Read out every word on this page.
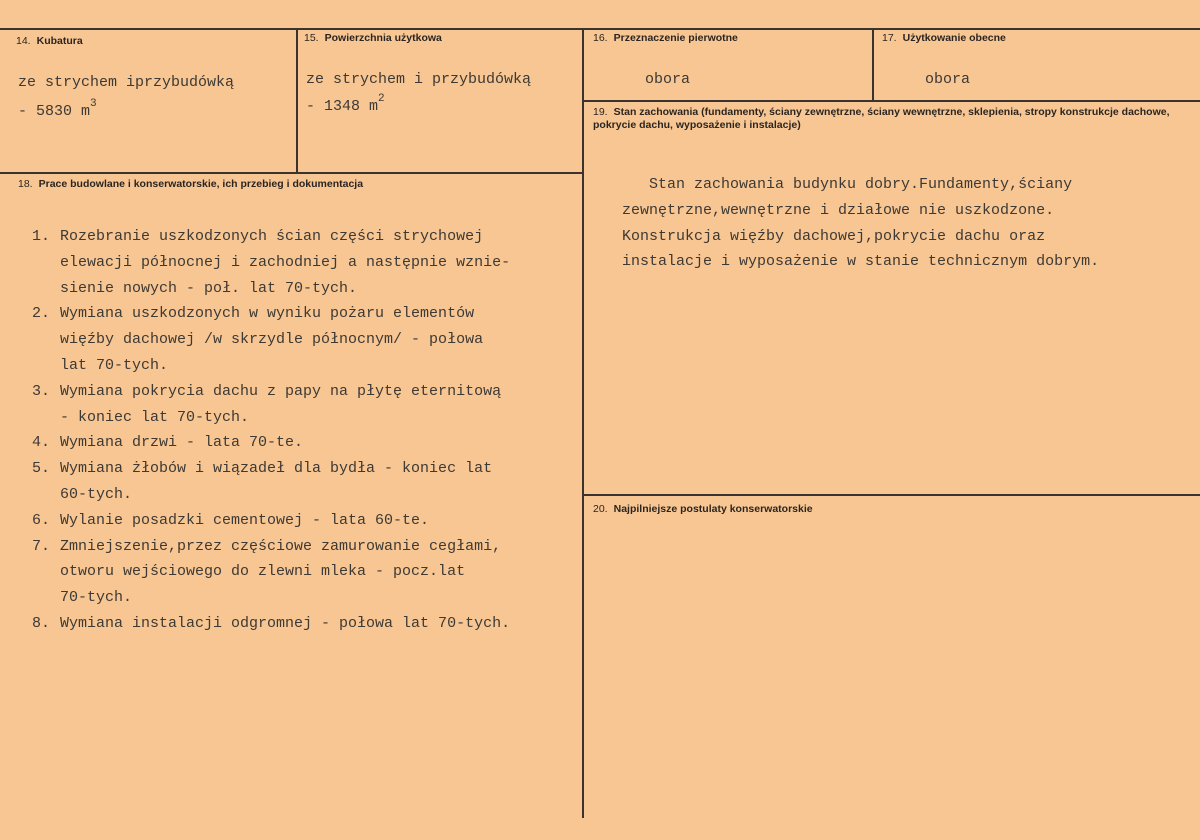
14. Kubatura
ze strychem iprzybudówką
- 5830 $m^3$
15. Powierzchnia użytkowa
ze strychem i przybudówką
- 1348 $m^2$
16. Przeznaczenie pierwotne
obora
17. Użytkowanie obecne
obora
18. Prace budowlane i konserwatorskie, ich przebieg i dokumentacja
1. Rozebranie uszkodzonych ścian części strychowej
elewacji północnej i zachodniej a następnie wznie-
sienie nowych - poł. lat 70-tych.
2. Wymiana uszkodzonych w wyniku pożaru elementów
więźby dachowej /w skrzydle północnym/ - połowa
lat 70-tych.
3. Wymiana pokrycia dachu z papy na płytę eternitową
- koniec lat 70-tych.
4. Wymiana drzwi - lata 70-te.
5. Wymiana żłobów i wiązadeł dla bydła - koniec lat
60-tych.
6. Wylanie posadzki cementowej - lata 60-te.
7. Zmniejszenie,przez częściowe zamurowanie cegłami,
otworu wejściowego do zlewni mleka - pocz.lat
70-tych.
8. Wymiana instalacji odgromnej - połowa lat 70-tych.
19. Stan zachowania (fundamenty, ściany zewnętrzne, ściany wewnętrzne, sklepienia, stropy konstrukcje dachowe, pokrycie dachu, wyposażenie i instalacje)
Stan zachowania budynku dobry.Fundamenty,ściany
zewnętrzne,wewnętrzne i działowe nie uszkodzone.
Konstrukcja więźby dachowej,pokrycie dachu oraz
instalacje i wyposażenie w stanie technicznym dobrym.
20. Najpilniejsze postulaty konserwatorskie
